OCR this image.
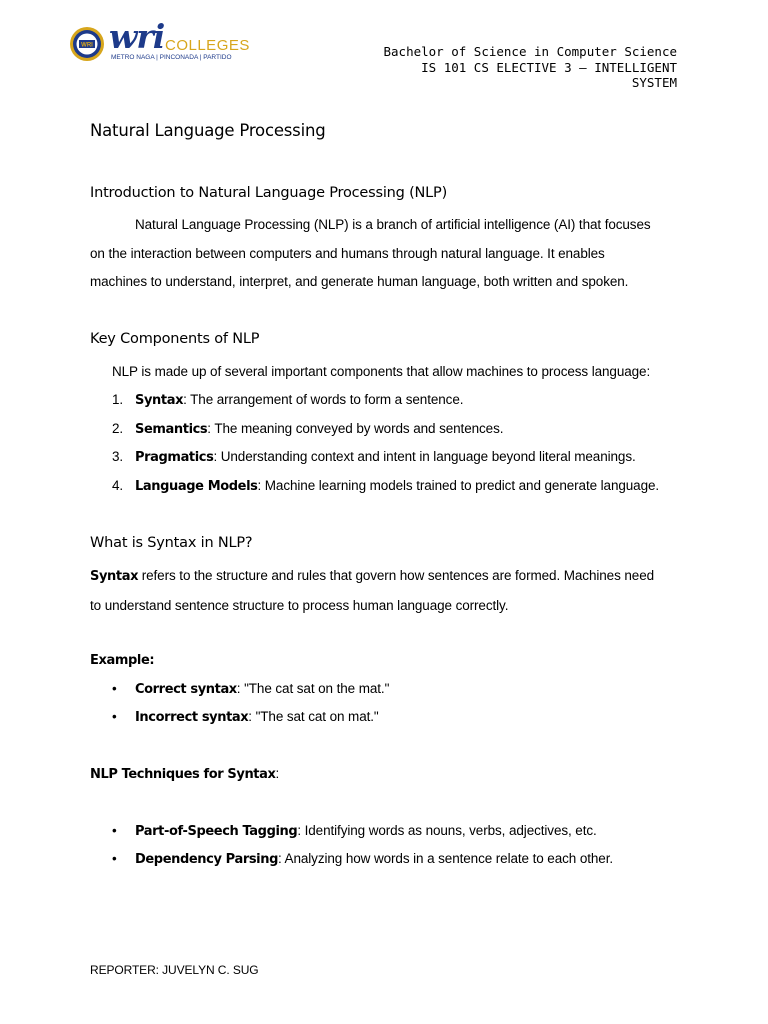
WRI wri COLLEGES
METRO NAGA | PINCONADA | PARTIDO	Bachelor of Science in Computer Science
IS 101 CS ELECTIVE 3 – INTELLIGENT
SYSTEM
Natural Language Processing
Introduction to Natural Language Processing (NLP)
Natural Language Processing (NLP) is a branch of artificial intelligence (AI) that focuses
on the interaction between computers and humans through natural language. It enables
machines to understand, interpret, and generate human language, both written and spoken.
Key Components of NLP
NLP is made up of several important components that allow machines to process language:
1. Syntax: The arrangement of words to form a sentence.
2. Semantics: The meaning conveyed by words and sentences.
3. Pragmatics: Understanding context and intent in language beyond literal meanings.
4. Language Models: Machine learning models trained to predict and generate language.
What is Syntax in NLP?
Syntax refers to the structure and rules that govern how sentences are formed. Machines need
to understand sentence structure to process human language correctly.
Example:
•	Correct syntax: "The cat sat on the mat."
•	Incorrect syntax: "The sat cat on mat."
NLP Techniques for Syntax:
•	Part-of-Speech Tagging: Identifying words as nouns, verbs, adjectives, etc.
•	Dependency Parsing: Analyzing how words in a sentence relate to each other.
REPORTER: JUVELYN C. SUG
